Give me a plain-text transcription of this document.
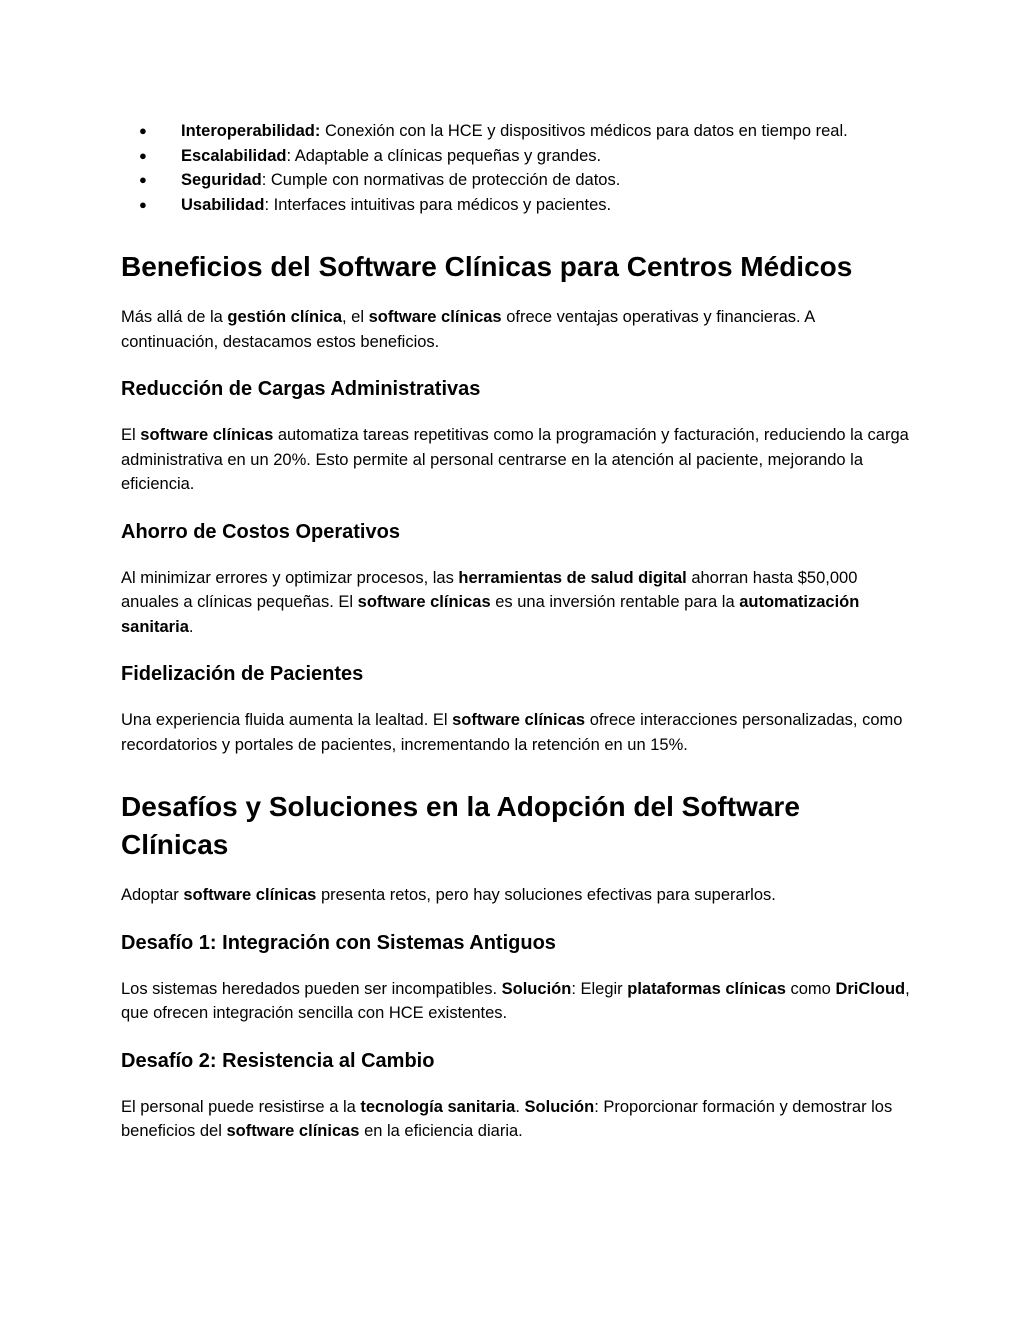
● Interoperabilidad: Conexión con la HCE y dispositivos médicos para datos en tiempo real.
● Escalabilidad: Adaptable a clínicas pequeñas y grandes.
● Seguridad: Cumple con normativas de protección de datos.
● Usabilidad: Interfaces intuitivas para médicos y pacientes.
Beneficios del Software Clínicas para Centros Médicos

Más allá de la gestión clínica, el software clínicas ofrece ventajas operativas y financieras. A continuación, destacamos estos beneficios.

Reducción de Cargas Administrativas

El software clínicas automatiza tareas repetitivas como la programación y facturación, reduciendo la carga administrativa en un 20%. Esto permite al personal centrarse en la atención al paciente, mejorando la eficiencia.

Ahorro de Costos Operativos

Al minimizar errores y optimizar procesos, las herramientas de salud digital ahorran hasta $50,000 anuales a clínicas pequeñas. El software clínicas es una inversión rentable para la automatización sanitaria.

Fidelización de Pacientes

Una experiencia fluida aumenta la lealtad. El software clínicas ofrece interacciones personalizadas, como recordatorios y portales de pacientes, incrementando la retención en un 15%.

Desafíos y Soluciones en la Adopción del Software Clínicas

Adoptar software clínicas presenta retos, pero hay soluciones efectivas para superarlos.

Desafío 1: Integración con Sistemas Antiguos

Los sistemas heredados pueden ser incompatibles. Solución: Elegir plataformas clínicas como DriCloud, que ofrecen integración sencilla con HCE existentes.

Desafío 2: Resistencia al Cambio

El personal puede resistirse a la tecnología sanitaria. Solución: Proporcionar formación y demostrar los beneficios del software clínicas en la eficiencia diaria.
